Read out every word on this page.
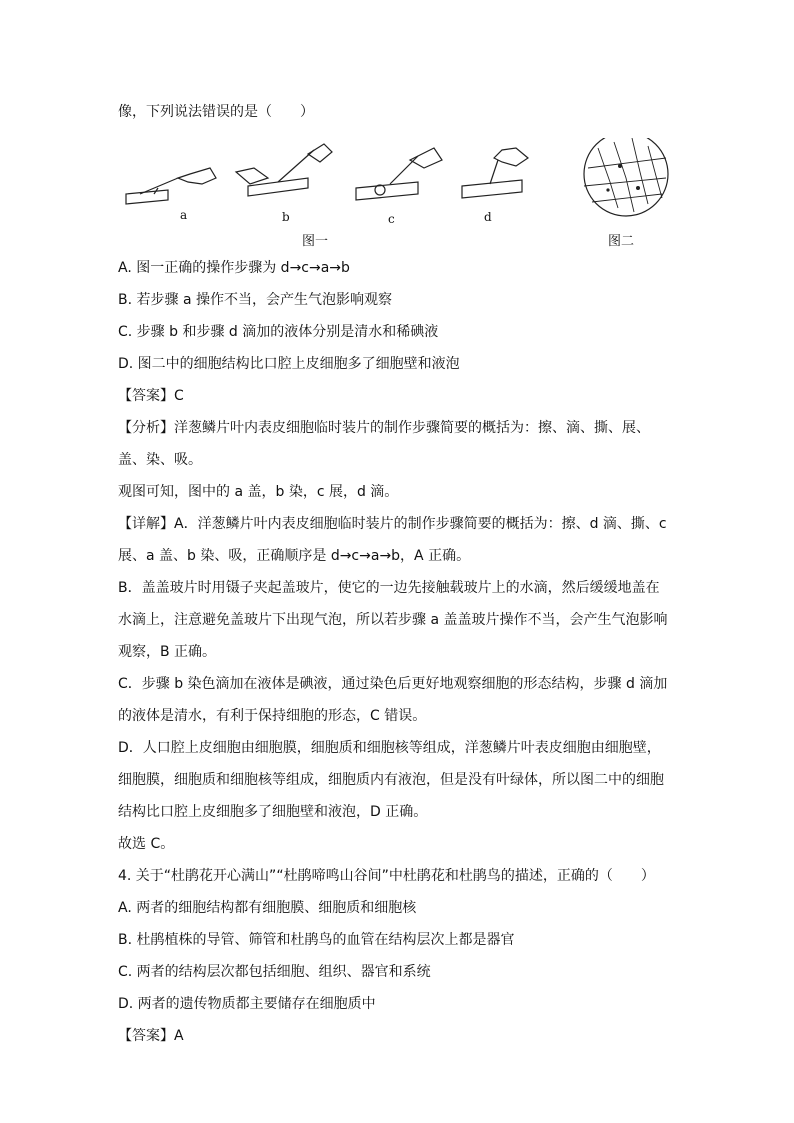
像，下列说法错误的是（　　）
a	b	c	d
图一	图二
A. 图一正确的操作步骤为 d→c→a→b
B. 若步骤 a 操作不当，会产生气泡影响观察
C. 步骤 b 和步骤 d 滴加的液体分别是清水和稀碘液
D. 图二中的细胞结构比口腔上皮细胞多了细胞壁和液泡
【答案】C
【分析】洋葱鳞片叶内表皮细胞临时装片的制作步骤简要的概括为：擦、滴、撕、展、
盖、染、吸。
观图可知，图中的 a 盖，b 染，c 展，d 滴。
【详解】A．洋葱鳞片叶内表皮细胞临时装片的制作步骤简要的概括为：擦、d 滴、撕、c
展、a 盖、b 染、吸，正确顺序是 d→c→a→b，A 正确。
B．盖盖玻片时用镊子夹起盖玻片，使它的一边先接触载玻片上的水滴，然后缓缓地盖在
水滴上，注意避免盖玻片下出现气泡，所以若步骤 a 盖盖玻片操作不当，会产生气泡影响
观察，B 正确。
C．步骤 b 染色滴加在液体是碘液，通过染色后更好地观察细胞的形态结构，步骤 d 滴加
的液体是清水，有利于保持细胞的形态，C 错误。
D．人口腔上皮细胞由细胞膜，细胞质和细胞核等组成，洋葱鳞片叶表皮细胞由细胞壁，
细胞膜，细胞质和细胞核等组成，细胞质内有液泡，但是没有叶绿体，所以图二中的细胞
结构比口腔上皮细胞多了细胞壁和液泡，D 正确。
故选 C。
4. 关于“杜鹃花开心满山”“杜鹃啼鸣山谷间”中杜鹃花和杜鹃鸟的描述，正确的（　　）
A. 两者的细胞结构都有细胞膜、细胞质和细胞核
B. 杜鹃植株的导管、筛管和杜鹃鸟的血管在结构层次上都是器官
C. 两者的结构层次都包括细胞、组织、器官和系统
D. 两者的遗传物质都主要储存在细胞质中
【答案】A
